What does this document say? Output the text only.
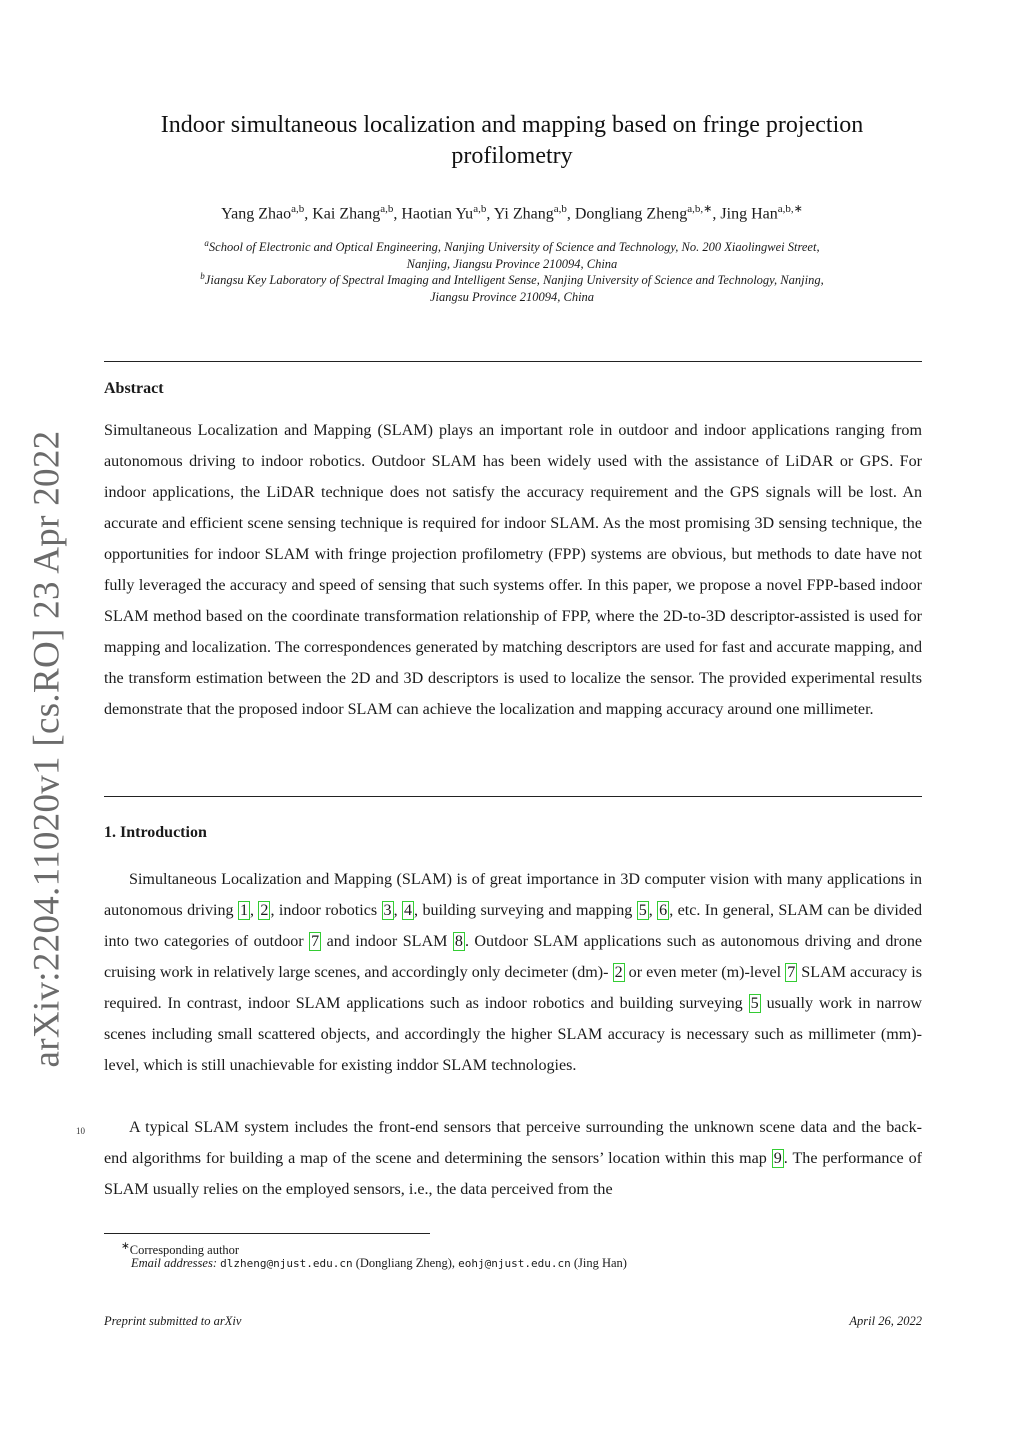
arXiv:2204.11020v1 [cs.RO] 23 Apr 2022
Indoor simultaneous localization and mapping based on fringe projection profilometry
Yang Zhao$^{a,b}$, Kai Zhang$^{a,b}$, Haotian Yu$^{a,b}$, Yi Zhang$^{a,b}$, Dongliang Zheng$^{a,b,∗}$, Jing Han$^{a,b,∗}$
$^a$School of Electronic and Optical Engineering, Nanjing University of Science and Technology, No. 200 Xiaolingwei Street,
Nanjing, Jiangsu Province 210094, China
$^b$Jiangsu Key Laboratory of Spectral Imaging and Intelligent Sense, Nanjing University of Science and Technology, Nanjing,
Jiangsu Province 210094, China
Abstract
Simultaneous Localization and Mapping (SLAM) plays an important role in outdoor and indoor applications ranging from autonomous driving to indoor robotics. Outdoor SLAM has been widely used with the assistance of LiDAR or GPS. For indoor applications, the LiDAR technique does not satisfy the accuracy requirement and the GPS signals will be lost. An accurate and efficient scene sensing technique is required for indoor SLAM. As the most promising 3D sensing technique, the opportunities for indoor SLAM with fringe projection profilometry (FPP) systems are obvious, but methods to date have not fully leveraged the accuracy and speed of sensing that such systems offer. In this paper, we propose a novel FPP-based indoor SLAM method based on the coordinate transformation relationship of FPP, where the 2D-to-3D descriptor-assisted is used for mapping and localization. The correspondences generated by matching descriptors are used for fast and accurate mapping, and the transform estimation between the 2D and 3D descriptors is used to localize the sensor. The provided experimental results demonstrate that the proposed indoor SLAM can achieve the localization and mapping accuracy around one millimeter.
1. Introduction
Simultaneous Localization and Mapping (SLAM) is of great importance in 3D computer vision with many applications in autonomous driving 1 , 2 , indoor robotics 3 , 4 , building surveying and mapping 5 , 6 , etc. In general, SLAM can be divided into two categories of outdoor 7 and indoor SLAM 8 . Outdoor SLAM applications such as autonomous driving and drone cruising work in relatively large scenes, and accordingly only decimeter (dm)- 2 or even meter (m)-level 7 SLAM accuracy is required. In contrast, indoor SLAM applications such as indoor robotics and building surveying 5 usually work in narrow scenes including small scattered objects, and accordingly the higher SLAM accuracy is necessary such as millimeter (mm)-level, which is still unachievable for existing inddor SLAM technologies.
10	A typical SLAM system includes the front-end sensors that perceive surrounding the unknown scene data and the back-end algorithms for building a map of the scene and determining the sensors’ location within this map 9 . The performance of SLAM usually relies on the employed sensors, i.e., the data perceived from the
∗Corresponding author
Email addresses: dlzheng@njust.edu.cn (Dongliang Zheng), eohj@njust.edu.cn (Jing Han)
Preprint submitted to arXiv	April 26, 2022
